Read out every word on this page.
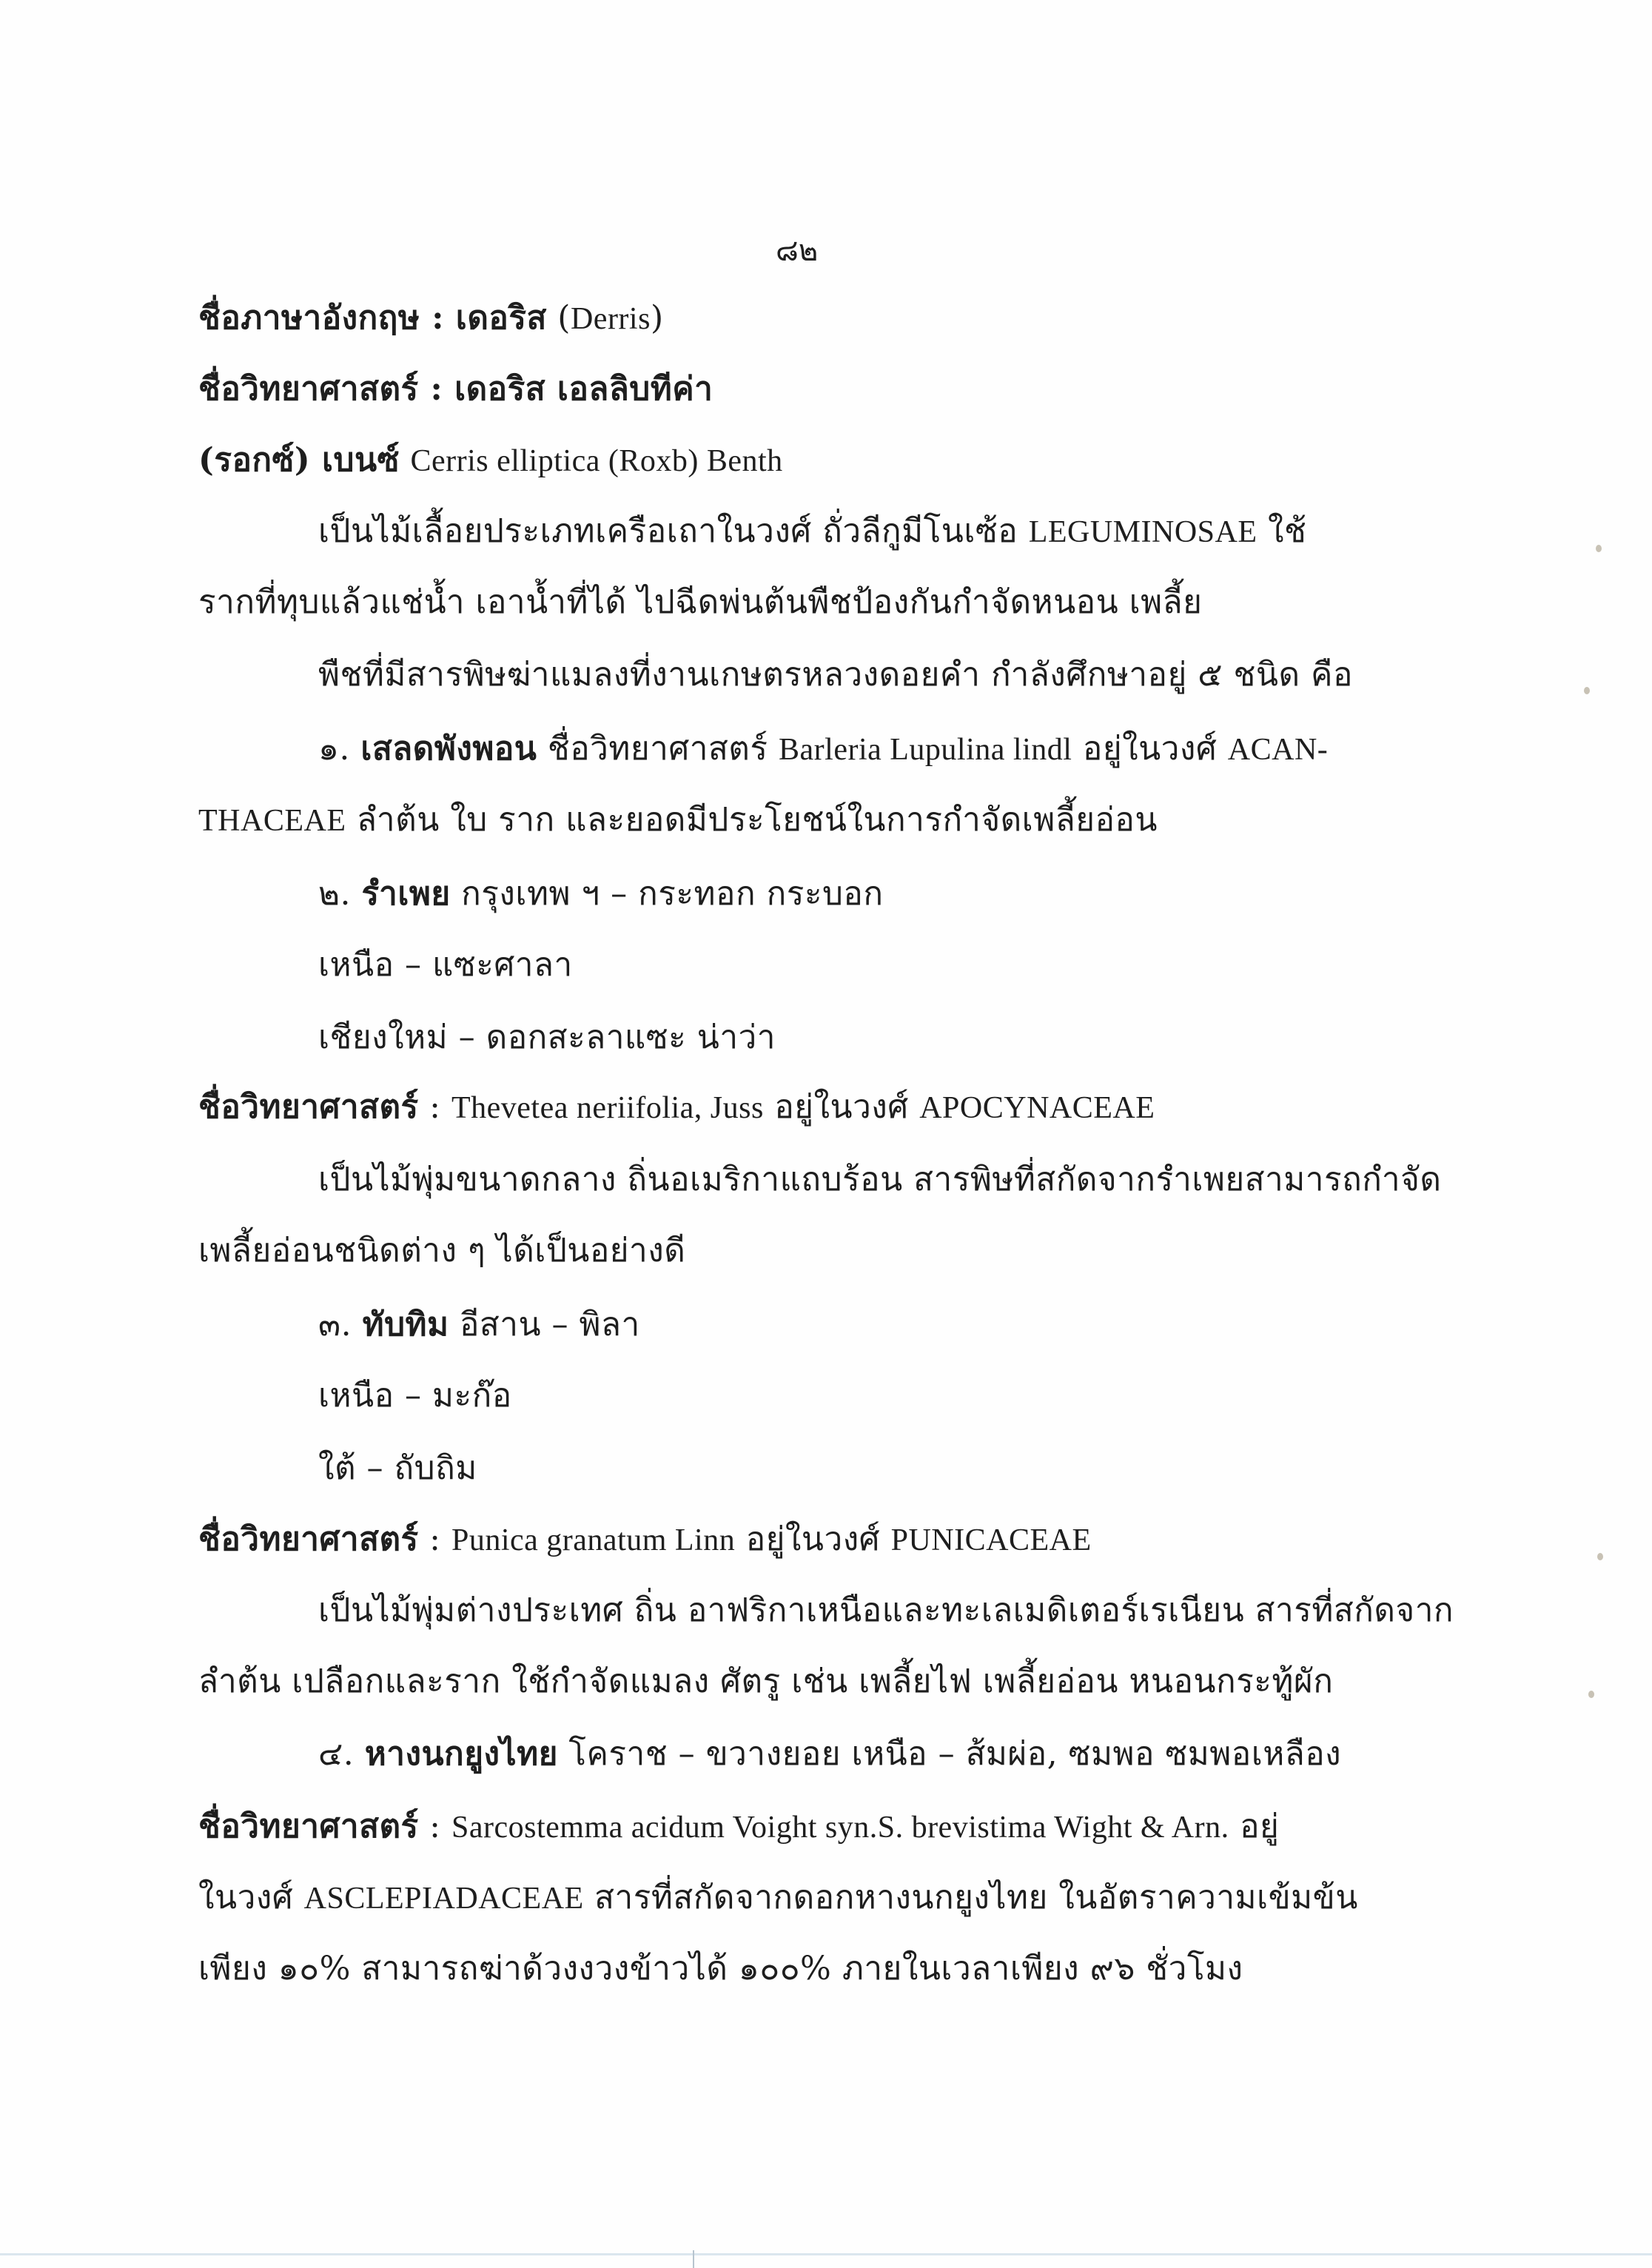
๘๒
ชื่อภาษาอังกฤษ : เดอริส (Derris)
ชื่อวิทยาศาสตร์ : เดอริส เอลลิบทีค่า
(รอกซ์) เบนซ์ Cerris elliptica (Roxb) Benth
เป็นไม้เลื้อยประเภทเครือเถาในวงศ์ ถั่วลีกูมีโนเซ้อ LEGUMINOSAE ใช้
รากที่ทุบแล้วแช่น้ำ เอาน้ำที่ได้ ไปฉีดพ่นต้นพืชป้องกันกำจัดหนอน เพลี้ย
พืชที่มีสารพิษฆ่าแมลงที่งานเกษตรหลวงดอยคำ กำลังศึกษาอยู่ ๕ ชนิด คือ
๑. เสลดพังพอน ชื่อวิทยาศาสตร์ Barleria Lupulina lindl อยู่ในวงศ์ ACAN-
THACEAE ลำต้น ใบ ราก และยอดมีประโยชน์ในการกำจัดเพลี้ยอ่อน
๒. รำเพย กรุงเทพ ฯ – กระทอก กระบอก
เหนือ – แซะศาลา
เชียงใหม่ – ดอกสะลาแซะ น่าว่า
ชื่อวิทยาศาสตร์ : Thevetea neriifolia, Juss อยู่ในวงศ์ APOCYNACEAE
เป็นไม้พุ่มขนาดกลาง ถิ่นอเมริกาแถบร้อน สารพิษที่สกัดจากรำเพยสามารถกำจัด
เพลี้ยอ่อนชนิดต่าง ๆ ได้เป็นอย่างดี
๓. ทับทิม อีสาน – พิลา
เหนือ – มะก๊อ
ใต้ – ถับถิม
ชื่อวิทยาศาสตร์ : Punica granatum Linn อยู่ในวงศ์ PUNICACEAE
เป็นไม้พุ่มต่างประเทศ ถิ่น อาฟริกาเหนือและทะเลเมดิเตอร์เรเนียน สารที่สกัดจาก
ลำต้น เปลือกและราก ใช้กำจัดแมลง ศัตรู เช่น เพลี้ยไฟ เพลี้ยอ่อน หนอนกระทู้ผัก
๔. หางนกยูงไทย โคราช – ขวางยอย เหนือ – ส้มผ่อ, ซมพอ ซมพอเหลือง
ชื่อวิทยาศาสตร์ : Sarcostemma acidum Voight syn.S. brevistima Wight & Arn. อยู่
ในวงศ์ ASCLEPIADACEAE สารที่สกัดจากดอกหางนกยูงไทย ในอัตราความเข้มข้น
เพียง ๑๐% สามารถฆ่าด้วงงวงข้าวได้ ๑๐๐% ภายในเวลาเพียง ๙๖ ชั่วโมง
